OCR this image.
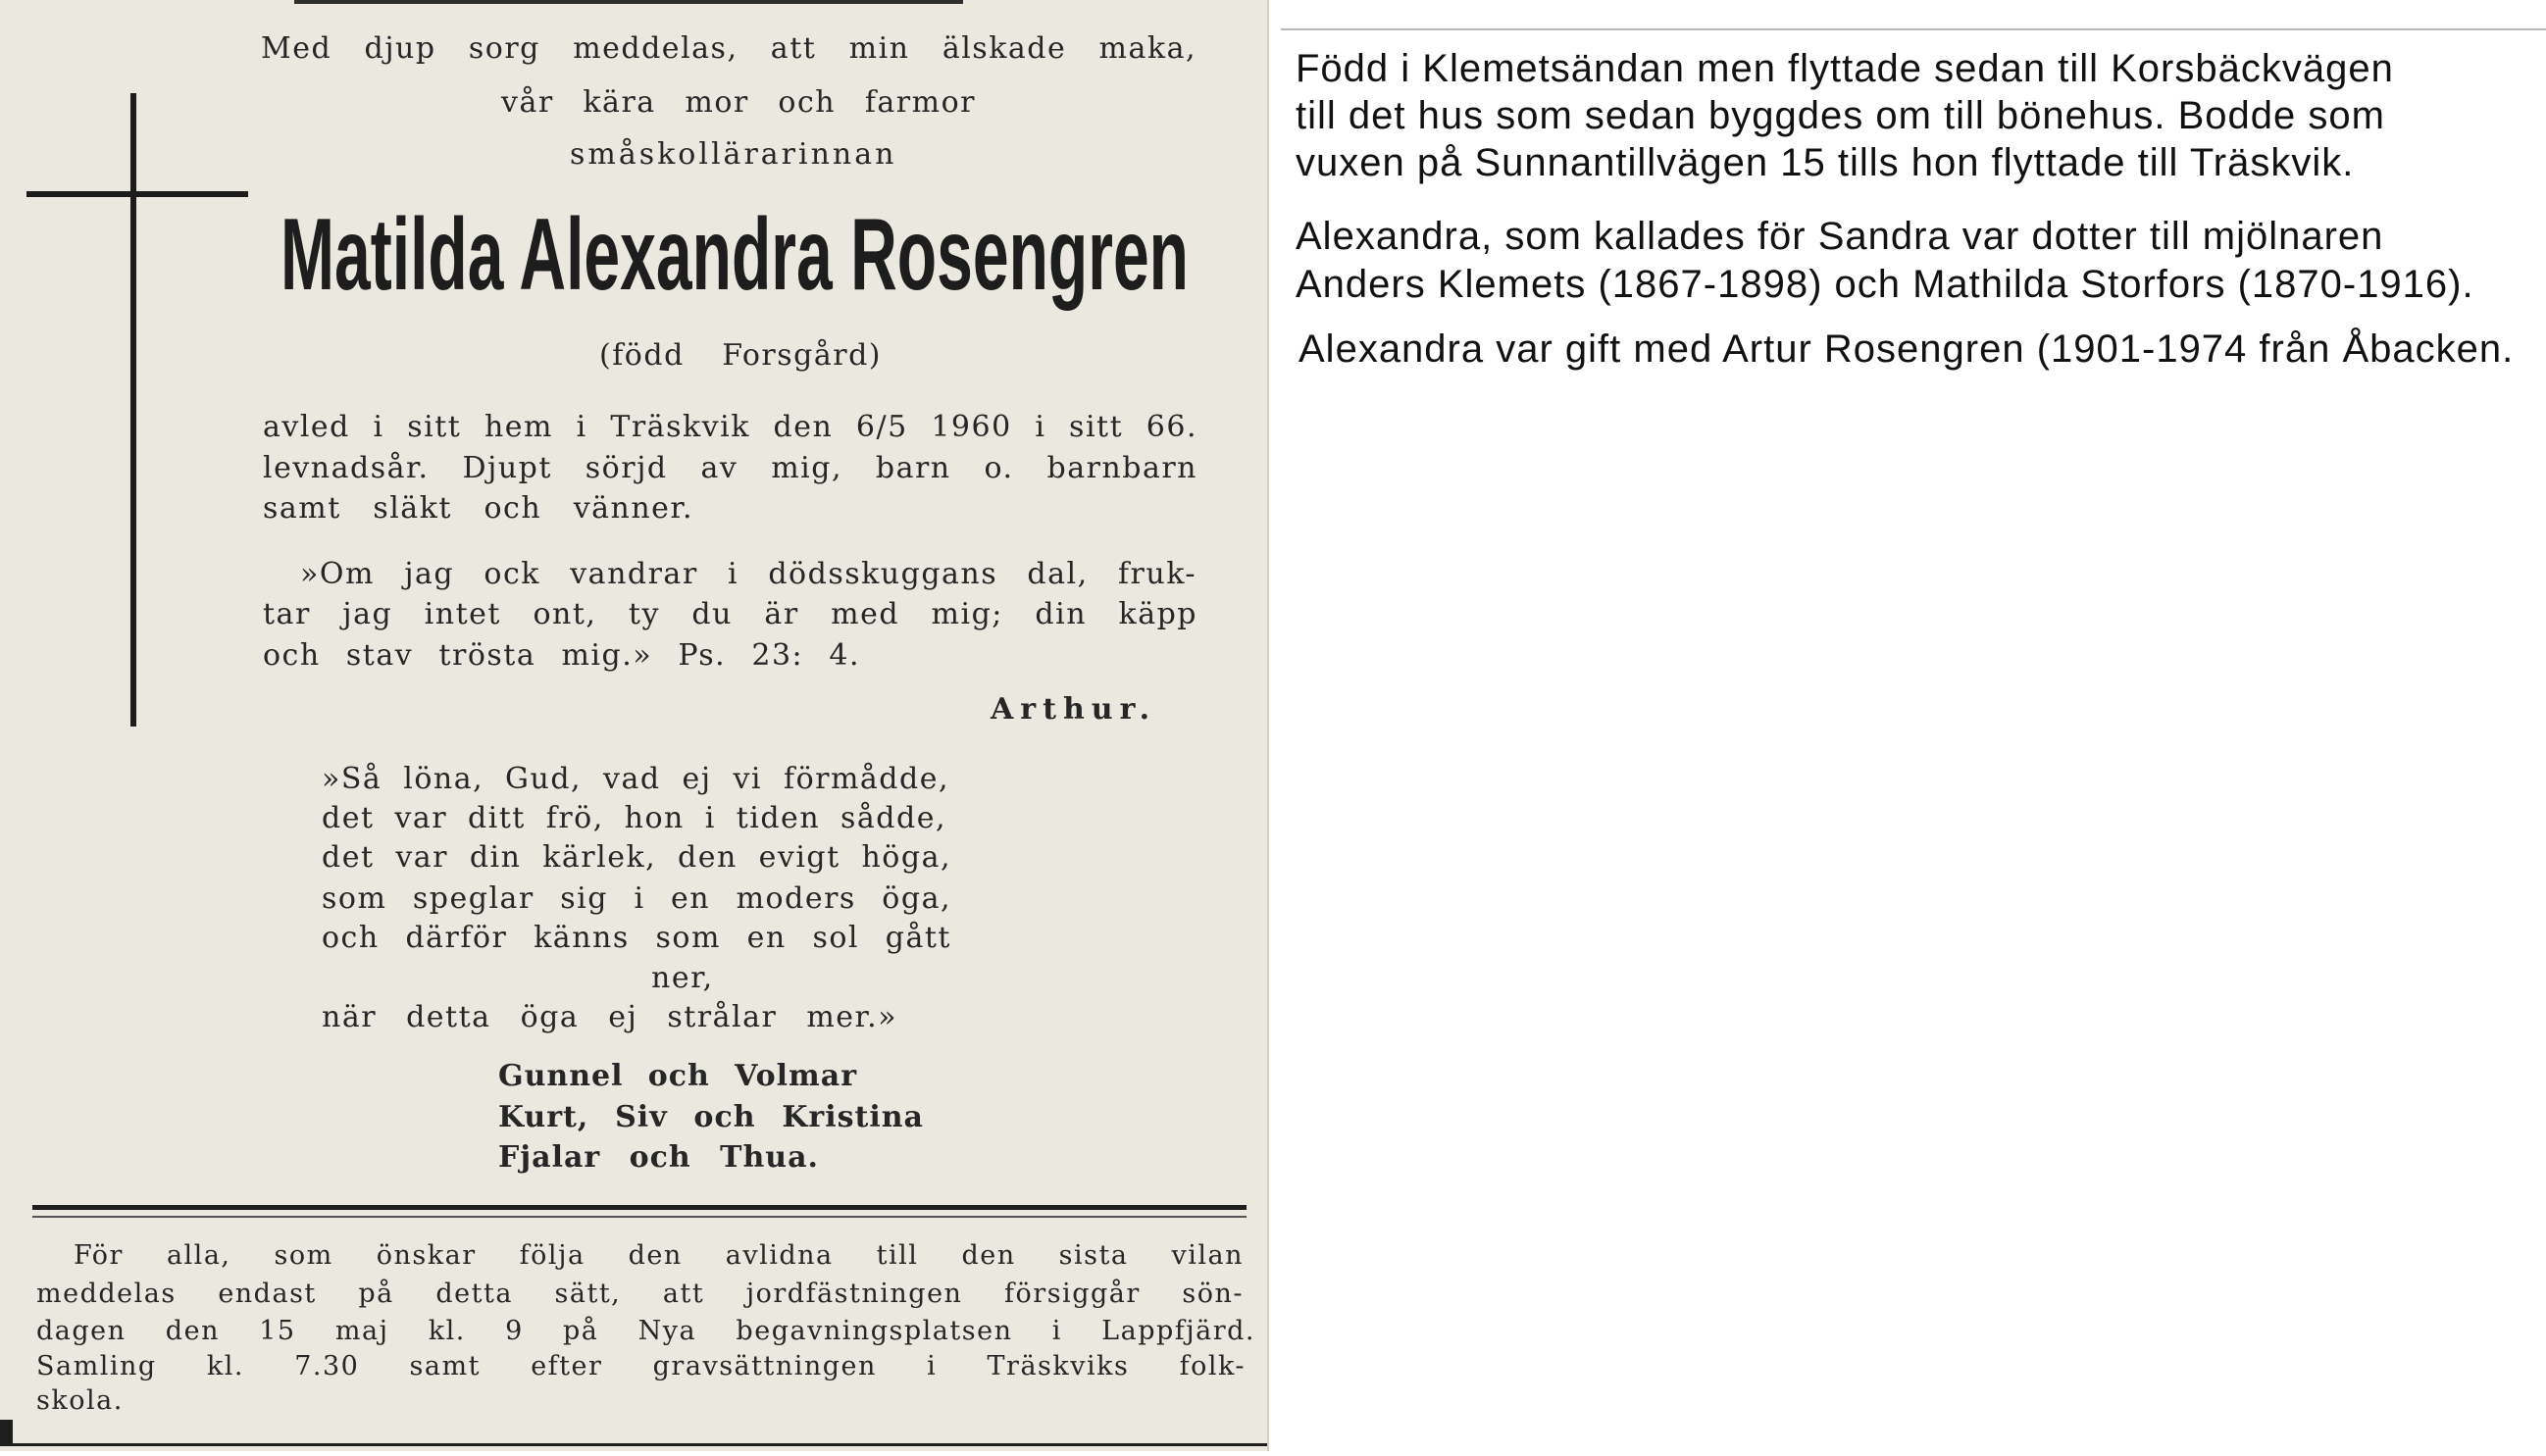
Med djup sorg meddelas, att min älskade maka,
vår kära mor och farmor
småskollärarinnan
Matilda Alexandra Rosengren
(född Forsgård)
avled i sitt hem i Träskvik den 6/5 1960 i sitt 66.
levnadsår. Djupt sörjd av mig, barn o. barnbarn
samt släkt och vänner.
»Om jag ock vandrar i dödsskuggans dal, fruk-
tar jag intet ont, ty du är med mig; din käpp
och stav trösta mig.» Ps. 23: 4.
Arthur.
»Så löna, Gud, vad ej vi förmådde,
det var ditt frö, hon i tiden sådde,
det var din kärlek, den evigt höga,
som speglar sig i en moders öga,
och därför känns som en sol gått
ner,
när detta öga ej strålar mer.»
Gunnel och Volmar
Kurt, Siv och Kristina
Fjalar och Thua.
För alla, som önskar följa den avlidna till den sista vilan
meddelas endast på detta sätt, att jordfästningen försiggår sön-
dagen den 15 maj kl. 9 på Nya begavningsplatsen i Lappfjärd.
Samling kl. 7.30 samt efter gravsättningen i Träskviks folk-
skola.
Född i Klemetsändan men flyttade sedan till Korsbäckvägen
till det hus som sedan byggdes om till bönehus. Bodde som
vuxen på Sunnantillvägen 15 tills hon flyttade till Träskvik.
Alexandra, som kallades för Sandra var dotter till mjölnaren
Anders Klemets (1867-1898) och Mathilda Storfors (1870-1916).
Alexandra var gift med Artur Rosengren (1901-1974 från Åbacken.
